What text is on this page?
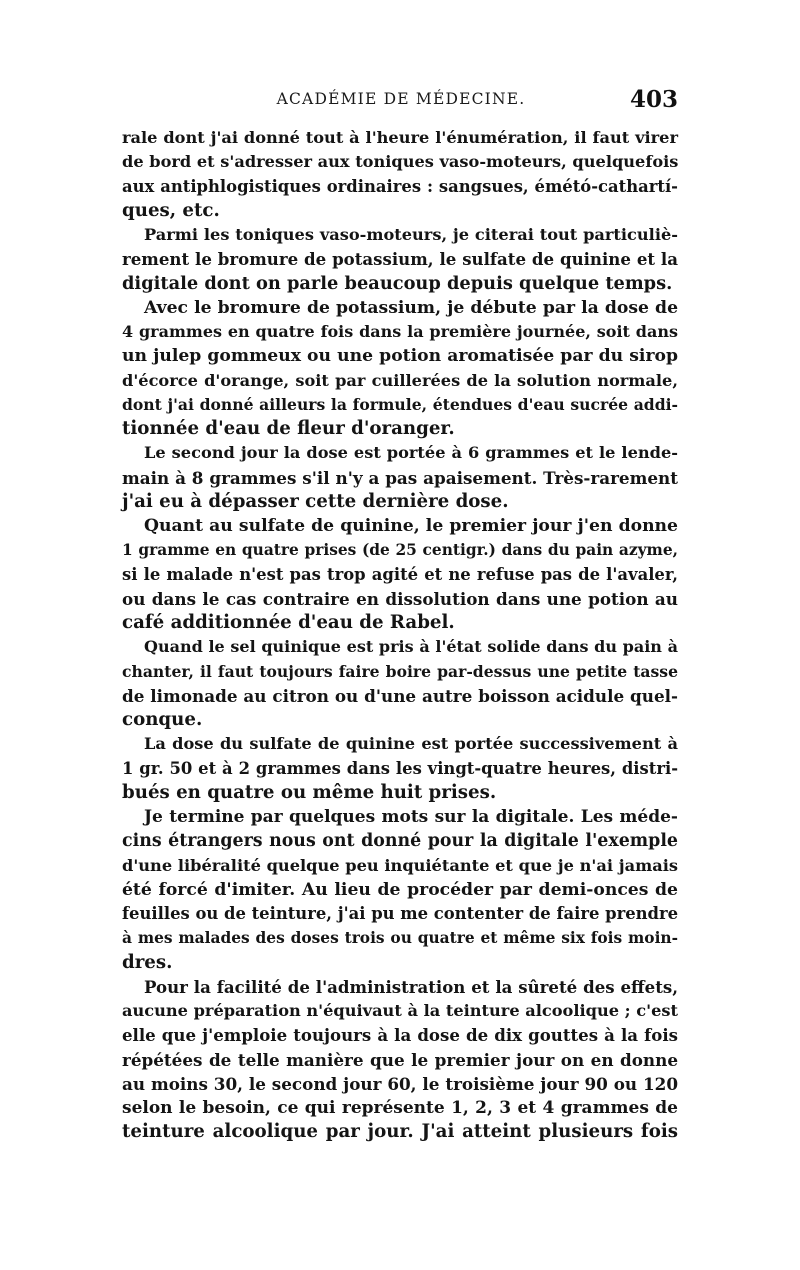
ACADÉMIE DE MÉDECINE.	403
rale dont j'ai donné tout à l'heure l'énumération, il faut virer
de bord et s'adresser aux toniques vaso-moteurs, quelquefois
aux antiphlogistiques ordinaires : sangsues, émétó-cathartí-
ques, etc.
Parmi les toniques vaso-moteurs, je citerai tout particuliè-
rement le bromure de potassium, le sulfate de quinine et la
digitale dont on parle beaucoup depuis quelque temps.
Avec le bromure de potassium, je débute par la dose de
4 grammes en quatre fois dans la première journée, soit dans
un julep gommeux ou une potion aromatisée par du sirop
d'écorce d'orange, soit par cuillerées de la solution normale,
dont j'ai donné ailleurs la formule, étendues d'eau sucrée addi-
tionnée d'eau de fleur d'oranger.
Le second jour la dose est portée à 6 grammes et le lende-
main à 8 grammes s'il n'y a pas apaisement. Très-rarement
j'ai eu à dépasser cette dernière dose.
Quant au sulfate de quinine, le premier jour j'en donne
1 gramme en quatre prises (de 25 centigr.) dans du pain azyme,
si le malade n'est pas trop agité et ne refuse pas de l'avaler,
ou dans le cas contraire en dissolution dans une potion au
café additionnée d'eau de Rabel.
Quand le sel quinique est pris à l'état solide dans du pain à
chanter, il faut toujours faire boire par-dessus une petite tasse
de limonade au citron ou d'une autre boisson acidule quel-
conque.
La dose du sulfate de quinine est portée successivement à
1 gr. 50 et à 2 grammes dans les vingt-quatre heures, distri-
bués en quatre ou même huit prises.
Je termine par quelques mots sur la digitale. Les méde-
cins étrangers nous ont donné pour la digitale l'exemple
d'une libéralité quelque peu inquiétante et que je n'ai jamais
été forcé d'imiter. Au lieu de procéder par demi-onces de
feuilles ou de teinture, j'ai pu me contenter de faire prendre
à mes malades des doses trois ou quatre et même six fois moin-
dres.
Pour la facilité de l'administration et la sûreté des effets,
aucune préparation n'équivaut à la teinture alcoolique ; c'est
elle que j'emploie toujours à la dose de dix gouttes à la fois
répétées de telle manière que le premier jour on en donne
au moins 30, le second jour 60, le troisième jour 90 ou 120
selon le besoin, ce qui représente 1, 2, 3 et 4 grammes de
teinture alcoolique par jour. J'ai atteint plusieurs fois
